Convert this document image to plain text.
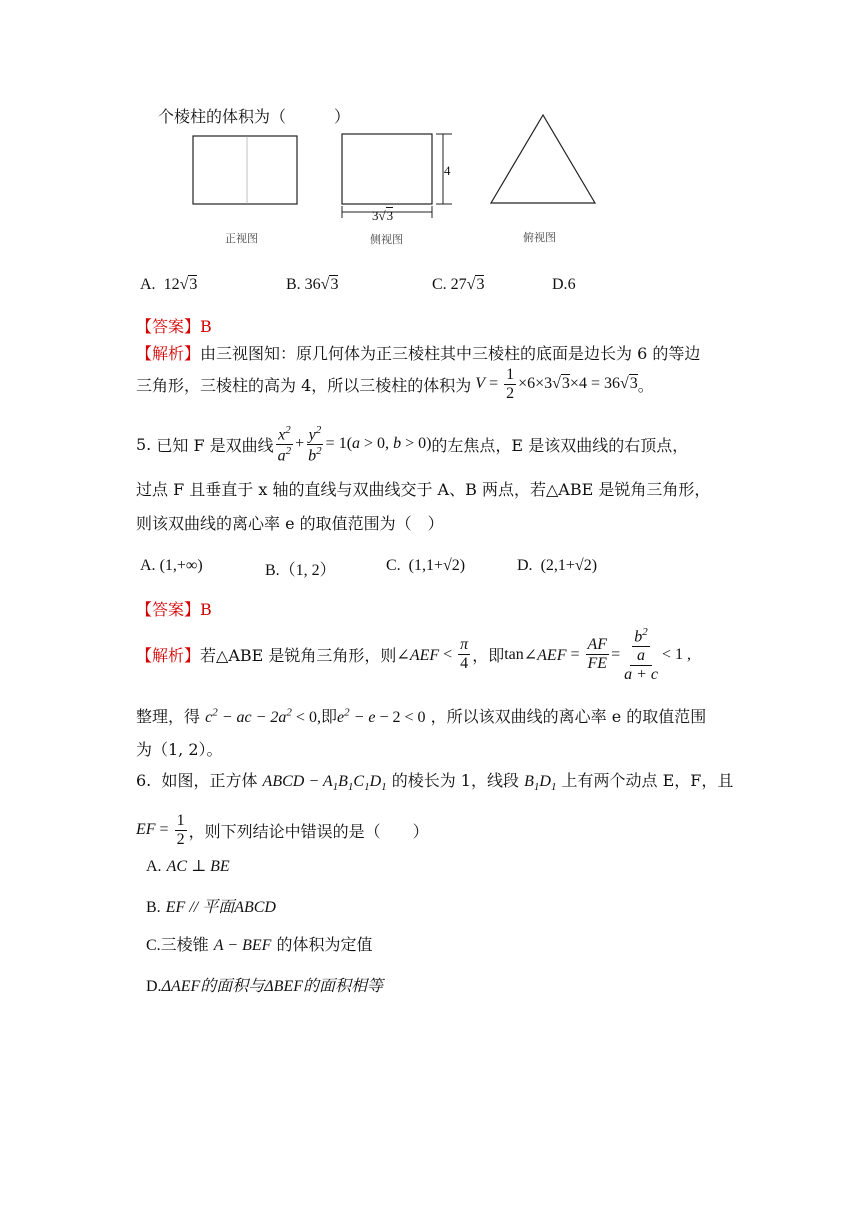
个棱柱的体积为（　　　）
4
3√3
正视图	侧视图	俯视图
A. 12√3	B. 36√3	C. 27√3	D.6
【答案】B
【解析】由三视图知：原几何体为正三棱柱其中三棱柱的底面是边长为 6 的等边
三角形，三棱柱的高为 4，所以三棱柱的体积为 $V = \frac{1}{2} \times 6\times 3√3\times 4 = 36√3$ 。
5.
已知 F 是双曲线 $\frac{x^2}{a^2} + \frac{y^2}{b^2} = 1(a > 0$, b > 0) 的左焦点，E 是该双曲线的右顶点，
过点 F 且垂直于 x 轴的直线与双曲线交于 A、B 两点，若△ABE 是锐角三角形，
则该双曲线的离心率 e 的取值范围为（　）
A. (1,+∞)	B.（1, 2）	C. (1,1+√2)	D. (2,1+√2)
【答案】B
【解析】 若△ABE 是锐角三角形，则 ∠AEF < $\frac{\pi}{4}$ ，即 tan ∠AEF = $\frac{AF}{FE} = \frac{\frac{b^2}{a}}{a + c} < 1$ ,
整理，得 $c^2$ − ac − $2a^2 < 0$,即$e^2 - e - 2 < 0$ ，所以该双曲线的离心率 e 的取值范围
为（1, 2）。
6. 如图，正方体 ABCD − $A_1B_1C_1D_1$ 的棱长为 1，线段 $B_1D_1$ 上有两个动点 E，F，且
EF = $\frac{1}{2}$ ，则下列结论中错误的是（　　）
A. AC ⊥ BE
B. EF // 平面ABCD
C.三棱锥 A − BEF 的体积为定值
D.ΔAEF的面积与ΔBEF的面积相等
